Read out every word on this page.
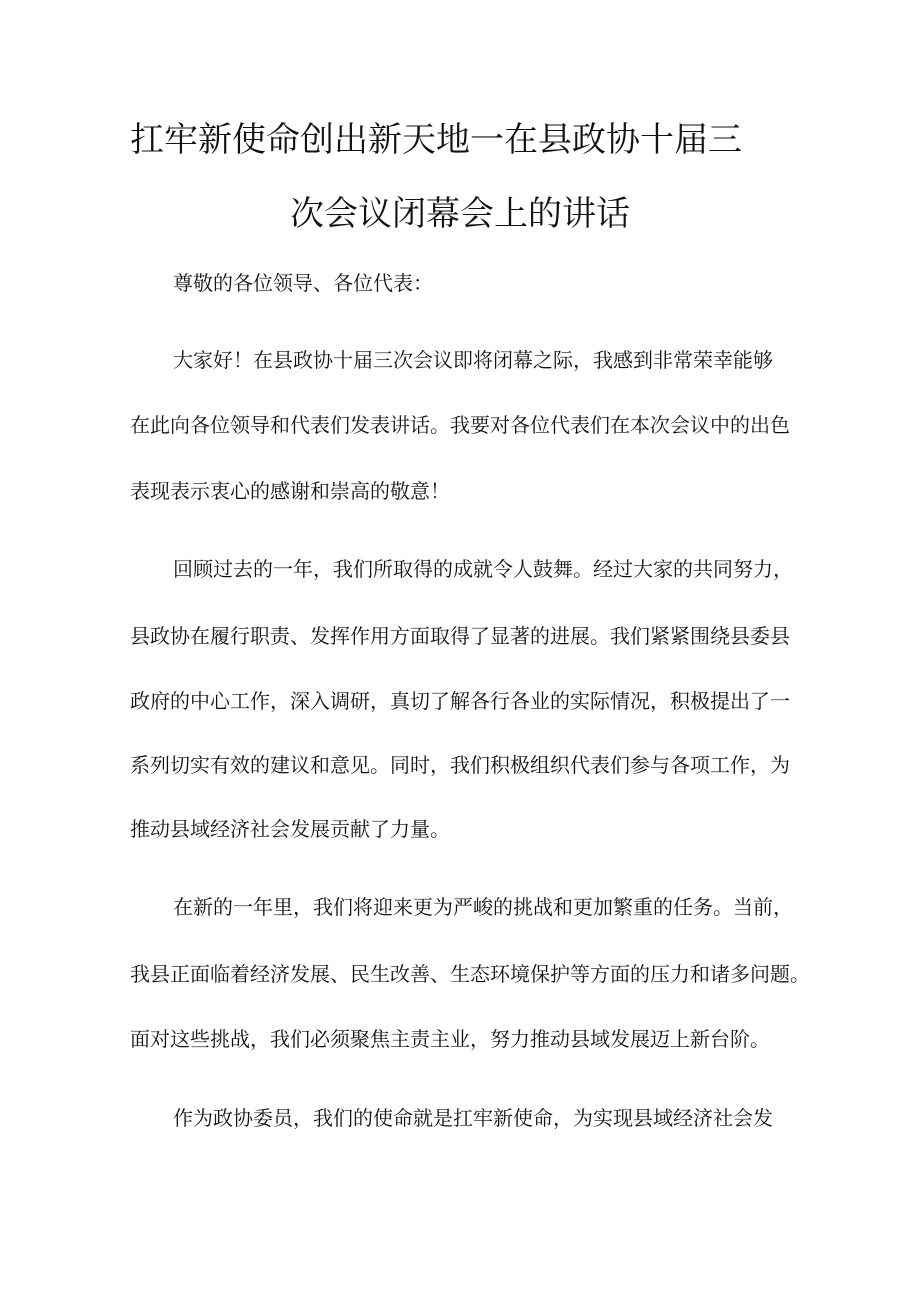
扛牢新使命创出新天地一在县政协十届三
次会议闭幕会上的讲话
尊敬的各位领导、各位代表：
大家好！在县政协十届三次会议即将闭幕之际，我感到非常荣幸能够
在此向各位领导和代表们发表讲话。我要对各位代表们在本次会议中的出色
表现表示衷心的感谢和崇高的敬意！
回顾过去的一年，我们所取得的成就令人鼓舞。经过大家的共同努力，
县政协在履行职责、发挥作用方面取得了显著的进展。我们紧紧围绕县委县
政府的中心工作，深入调研，真切了解各行各业的实际情况，积极提出了一
系列切实有效的建议和意见。同时，我们积极组织代表们参与各项工作，为
推动县域经济社会发展贡献了力量。
在新的一年里，我们将迎来更为严峻的挑战和更加繁重的任务。当前，
我县正面临着经济发展、民生改善、生态环境保护等方面的压力和诸多问题。
面对这些挑战，我们必须聚焦主责主业，努力推动县域发展迈上新台阶。
作为政协委员，我们的使命就是扛牢新使命，为实现县域经济社会发
